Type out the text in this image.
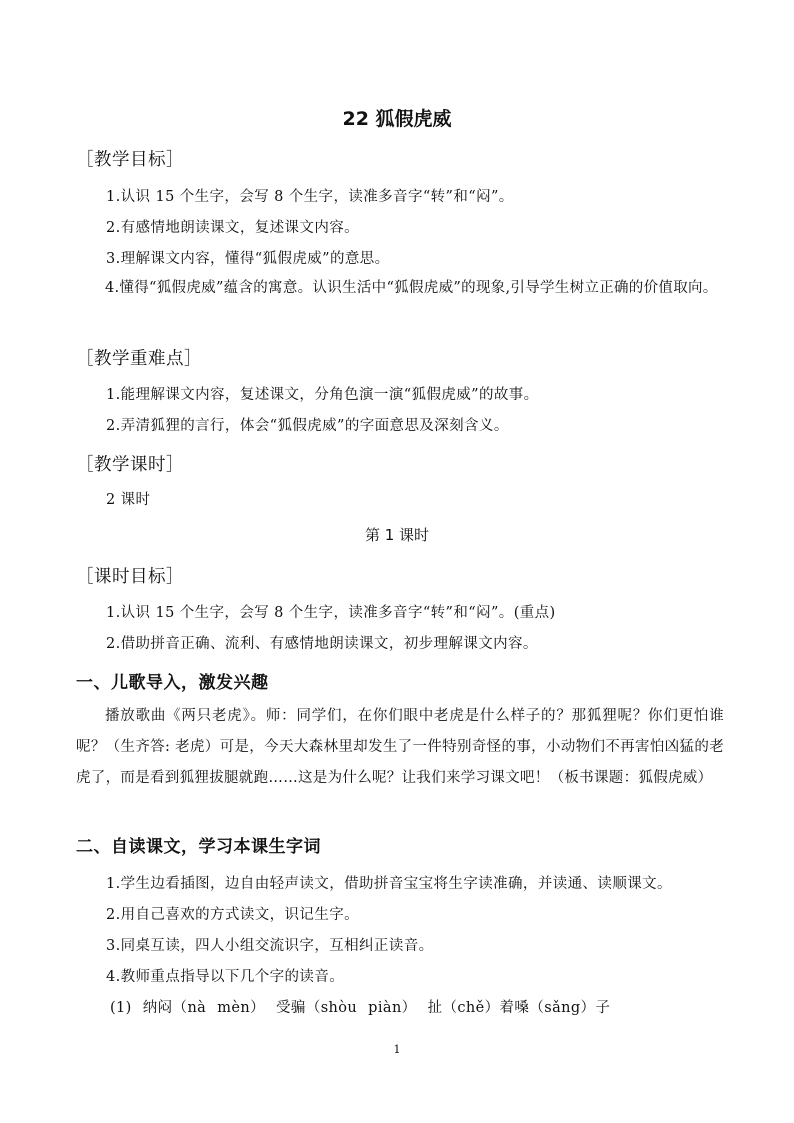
22 狐假虎威
［教学目标］
1.认识 15 个生字，会写 8 个生字，读准多音字“转”和“闷”。
2.有感情地朗读课文，复述课文内容。
3.理解课文内容，懂得“狐假虎威”的意思。
4.懂得“狐假虎威”蕴含的寓意。认识生活中“狐假虎威”的现象,引导学生树立正确的价值取向。
［教学重难点］
1.能理解课文内容，复述课文，分角色演一演“狐假虎威”的故事。
2.弄清狐狸的言行，体会“狐假虎威”的字面意思及深刻含义。
［教学课时］
2 课时
第 1 课时
［课时目标］
1.认识 15 个生字，会写 8 个生字，读准多音字“转”和“闷”。(重点)
2.借助拼音正确、流利、有感情地朗读课文，初步理解课文内容。
一、儿歌导入，激发兴趣
播放歌曲《两只老虎》。师：同学们，在你们眼中老虎是什么样子的？那狐狸呢？你们更怕谁呢？（生齐答: 老虎）可是，今天大森林里却发生了一件特别奇怪的事，小动物们不再害怕凶猛的老虎了，而是看到狐狸拔腿就跑……这是为什么呢？让我们来学习课文吧！（板书课题：狐假虎威）
二、自读课文，学习本课生字词
1.学生边看插图，边自由轻声读文，借助拼音宝宝将生字读准确，并读通、读顺课文。
2.用自己喜欢的方式读文，识记生字。
3.同桌互读，四人小组交流识字，互相纠正读音。
4.教师重点指导以下几个字的读音。
(1) 纳闷（nà mèn） 受骗（shòu piàn） 扯（chě）着嗓（sǎng）子
1
